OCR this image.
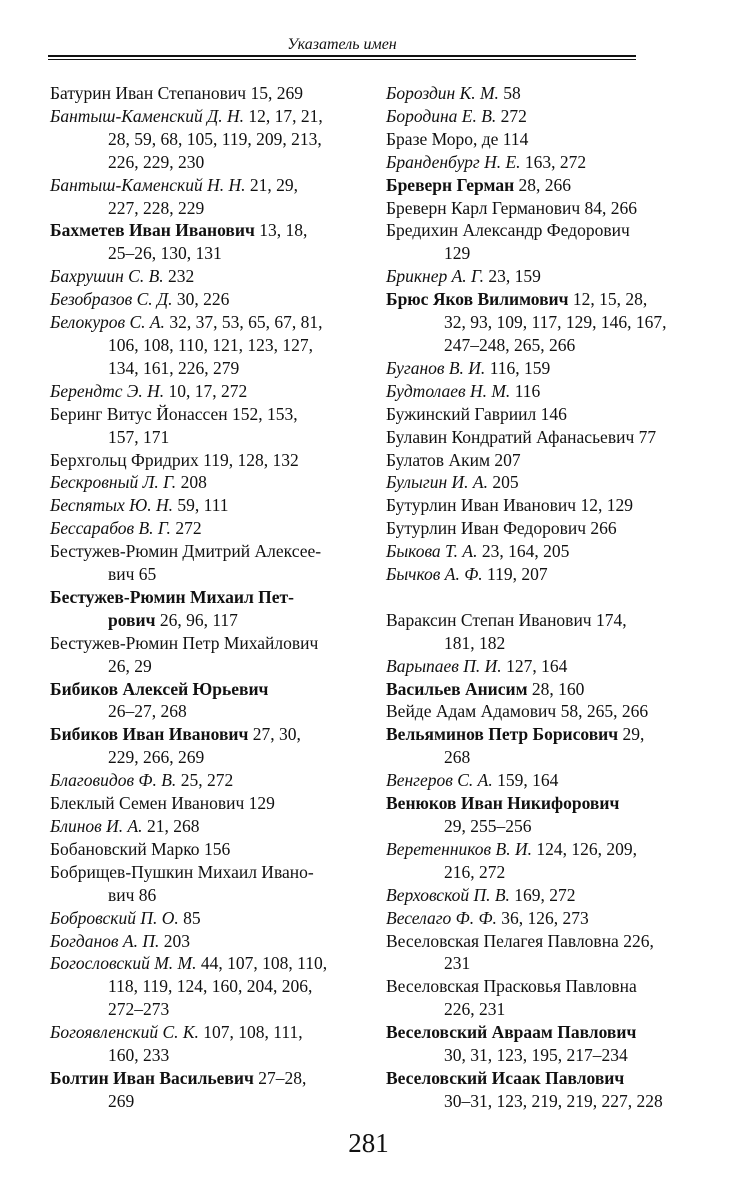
Указатель имен
Батурин Иван Степанович 15, 269
Бантыш-Каменский Д. Н. 12, 17, 21,
28, 59, 68, 105, 119, 209, 213,
226, 229, 230
Бантыш-Каменский Н. Н. 21, 29,
227, 228, 229
Бахметев Иван Иванович 13, 18,
25–26, 130, 131
Бахрушин С. В. 232
Безобразов С. Д. 30, 226
Белокуров С. А. 32, 37, 53, 65, 67, 81,
106, 108, 110, 121, 123, 127,
134, 161, 226, 279
Берендтс Э. Н. 10, 17, 272
Беринг Витус Йонассен 152, 153,
157, 171
Берхгольц Фридрих 119, 128, 132
Бескровный Л. Г. 208
Беспятых Ю. Н. 59, 111
Бессарабов В. Г. 272
Бестужев-Рюмин Дмитрий Алексее-
вич 65
Бестужев-Рюмин Михаил Пет-
рович 26, 96, 117
Бестужев-Рюмин Петр Михайлович
26, 29
Бибиков Алексей Юрьевич
26–27, 268
Бибиков Иван Иванович 27, 30,
229, 266, 269
Благовидов Ф. В. 25, 272
Блеклый Семен Иванович 129
Блинов И. А. 21, 268
Бобановский Марко 156
Бобрищев-Пушкин Михаил Ивано-
вич 86
Бобровский П. О. 85
Богданов А. П. 203
Богословский М. М. 44, 107, 108, 110,
118, 119, 124, 160, 204, 206,
272–273
Богоявленский С. К. 107, 108, 111,
160, 233
Болтин Иван Васильевич 27–28,
269
Бороздин К. М. 58
Бородина Е. В. 272
Бразе Моро, де 114
Бранденбург Н. Е. 163, 272
Бреверн Герман 28, 266
Бреверн Карл Германович 84, 266
Бредихин Александр Федорович
129
Брикнер А. Г. 23, 159
Брюс Яков Вилимович 12, 15, 28,
32, 93, 109, 117, 129, 146, 167,
247–248, 265, 266
Буганов В. И. 116, 159
Будтолаев Н. М. 116
Бужинский Гавриил 146
Булавин Кондратий Афанасьевич 77
Булатов Аким 207
Булыгин И. А. 205
Бутурлин Иван Иванович 12, 129
Бутурлин Иван Федорович 266
Быкова Т. А. 23, 164, 205
Бычков А. Ф. 119, 207
Вараксин Степан Иванович 174,
181, 182
Варыпаев П. И. 127, 164
Васильев Анисим 28, 160
Вейде Адам Адамович 58, 265, 266
Вельяминов Петр Борисович 29,
268
Венгеров С. А. 159, 164
Венюков Иван Никифорович
29, 255–256
Веретенников В. И. 124, 126, 209,
216, 272
Верховской П. В. 169, 272
Веселаго Ф. Ф. 36, 126, 273
Веселовская Пелагея Павловна 226,
231
Веселовская Прасковья Павловна
226, 231
Веселовский Авраам Павлович
30, 31, 123, 195, 217–234
Веселовский Исаак Павлович
30–31, 123, 219, 219, 227, 228
281
